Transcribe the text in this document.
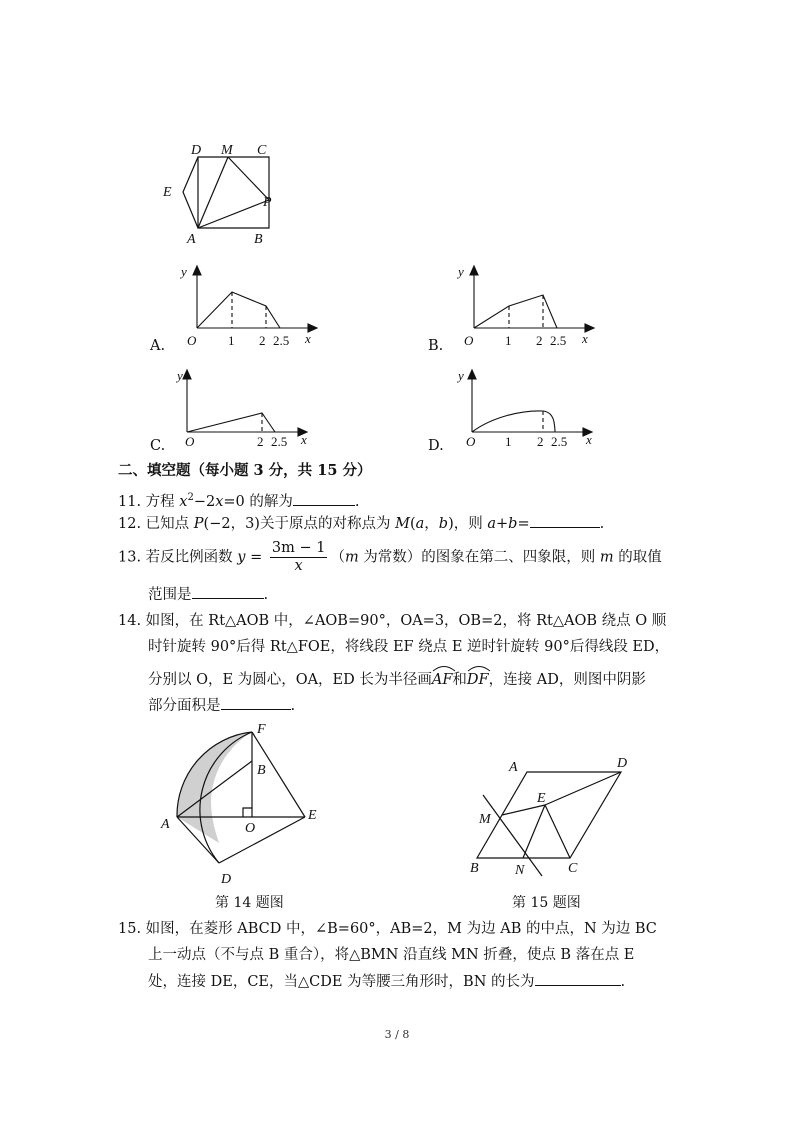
D M C
E
P
A	B
y
O 1 2 2.5 x
A.
y
O 1 2 2.5 x
B.
y
O	2 2.5 x
C.
y
O 1 2 2.5 x
D.
二、填空题（每小题 3 分，共 15 分）
11. 方程 $x^2-2x=0$ 的解为	.
12. 已知点 P(−2，3)关于原点的对称点为 M(a，b)，则 a+b=	.
13. 若反比例函数 $y = \frac{3m - 1}{x} (m$ 为常数）的图象在第二、四象限，则 m 的取值
范围是	.
14. 如图，在 Rt△AOB 中，∠AOB=90°，OA=3，OB=2，将 Rt△AOB 绕点 O 顺
时针旋转 90°后得 Rt△FOE，将线段 EF 绕点 E 逆时针旋转 90°后得线段 ED，
分别以 O，E 为圆心，OA，ED 长为半径画
AF和
DF，连接 AD，则图中阴影
部分面积是	.
F
B
A	O
E
D
第 14 题图
A	D
E
M
B	N	C
第 15 题图
15. 如图，在菱形 ABCD 中，∠B=60°，AB=2，M 为边 AB 的中点，N 为边 BC
上一动点（不与点 B 重合），将△BMN 沿直线 MN 折叠，使点 B 落在点 E
处，连接 DE，CE，当△CDE 为等腰三角形时，BN 的长为	.
3 / 8
